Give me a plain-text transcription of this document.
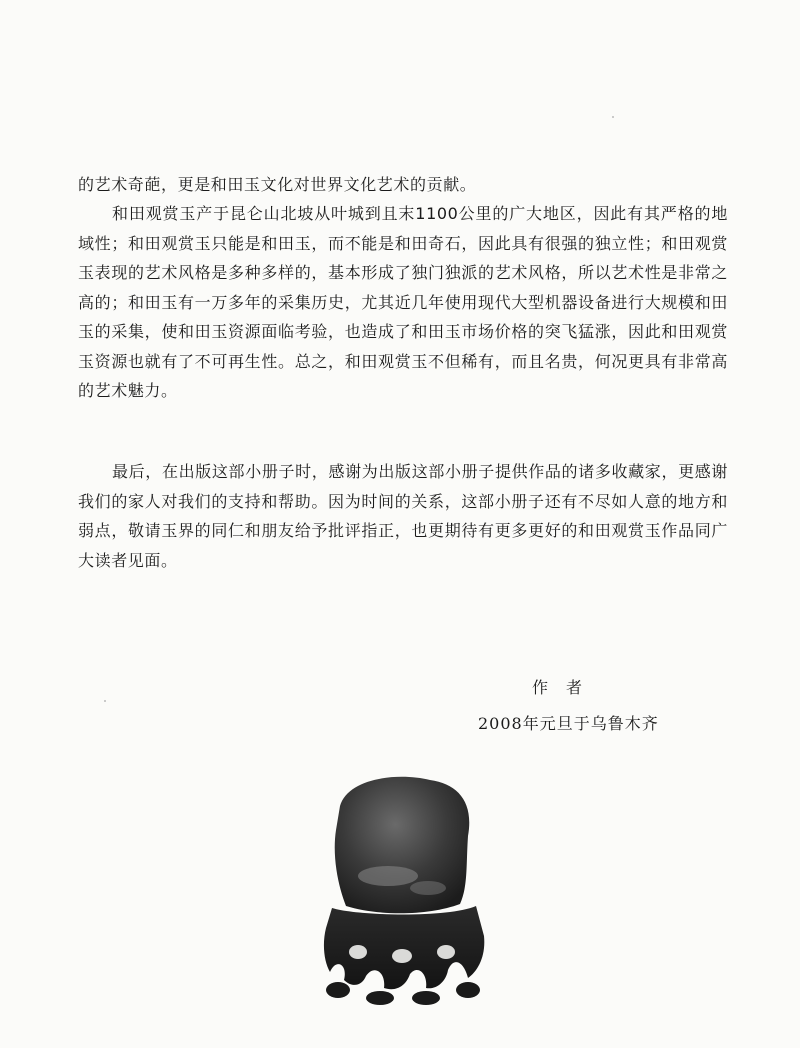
的艺术奇葩，更是和田玉文化对世界文化艺术的贡献。

和田观赏玉产于昆仑山北坡从叶城到且末1100公里的广大地区，因此有其严格的地域性；和田观赏玉只能是和田玉，而不能是和田奇石，因此具有很强的独立性；和田观赏玉表现的艺术风格是多种多样的，基本形成了独门独派的艺术风格，所以艺术性是非常之高的；和田玉有一万多年的采集历史，尤其近几年使用现代大型机器设备进行大规模和田玉的采集，使和田玉资源面临考验，也造成了和田玉市场价格的突飞猛涨，因此和田观赏玉资源也就有了不可再生性。总之，和田观赏玉不但稀有，而且名贵，何况更具有非常高的艺术魅力。

最后，在出版这部小册子时，感谢为出版这部小册子提供作品的诸多收藏家，更感谢我们的家人对我们的支持和帮助。因为时间的关系，这部小册子还有不尽如人意的地方和弱点，敬请玉界的同仁和朋友给予批评指正，也更期待有更多更好的和田观赏玉作品同广大读者见面。

作　者
2008年元旦于乌鲁木齐
